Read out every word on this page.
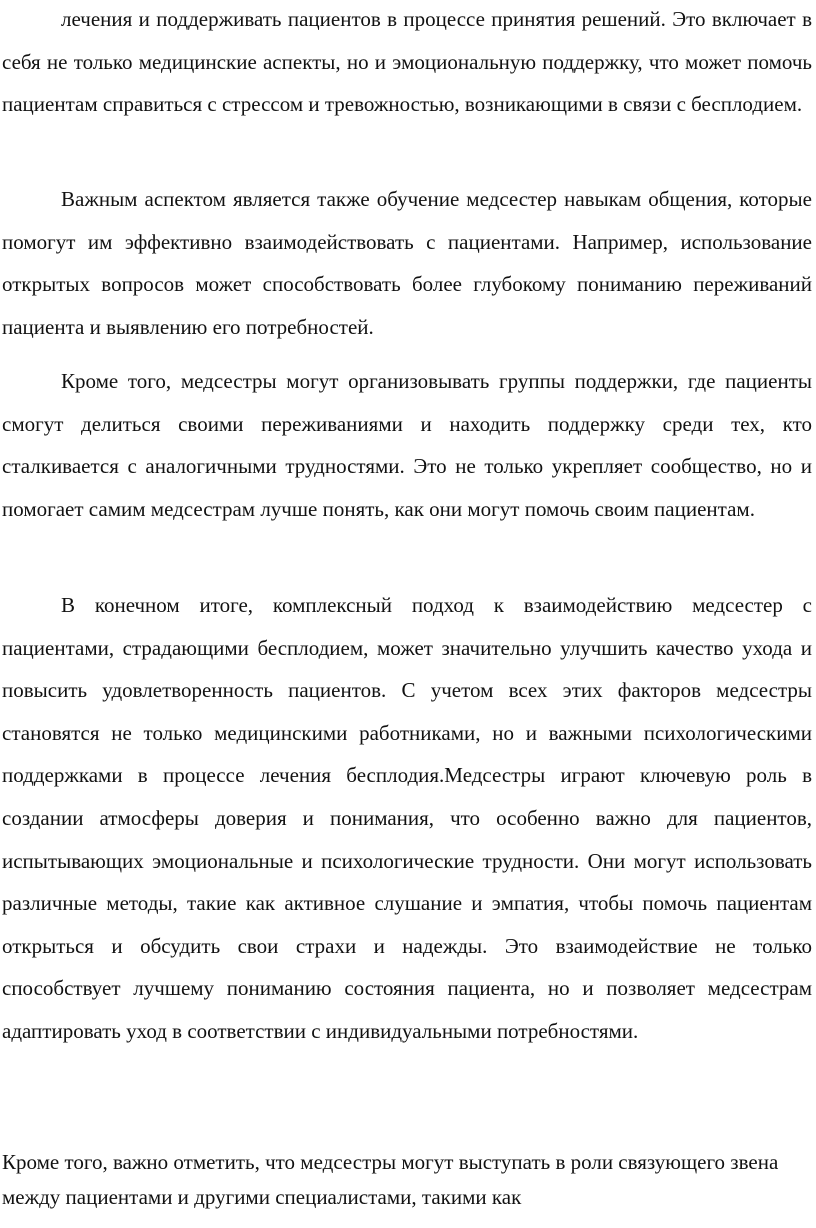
лечения и поддерживать пациентов в процессе принятия решений. Это включает в себя не только медицинские аспекты, но и эмоциональную поддержку, что может помочь пациентам справиться с стрессом и тревожностью, возникающими в связи с бесплодием.

Важным аспектом является также обучение медсестер навыкам общения, которые помогут им эффективно взаимодействовать с пациентами. Например, использование открытых вопросов может способствовать более глубокому пониманию переживаний пациента и выявлению его потребностей.

Кроме того, медсестры могут организовывать группы поддержки, где пациенты смогут делиться своими переживаниями и находить поддержку среди тех, кто сталкивается с аналогичными трудностями. Это не только укрепляет сообщество, но и помогает самим медсестрам лучше понять, как они могут помочь своим пациентам.

В конечном итоге, комплексный подход к взаимодействию медсестер с пациентами, страдающими бесплодием, может значительно улучшить качество ухода и повысить удовлетворенность пациентов. С учетом всех этих факторов медсестры становятся не только медицинскими работниками, но и важными психологическими поддержками в процессе лечения бесплодия.Медсестры играют ключевую роль в создании атмосферы доверия и понимания, что особенно важно для пациентов, испытывающих эмоциональные и психологические трудности. Они могут использовать различные методы, такие как активное слушание и эмпатия, чтобы помочь пациентам открыться и обсудить свои страхи и надежды. Это взаимодействие не только способствует лучшему пониманию состояния пациента, но и позволяет медсестрам адаптировать уход в соответствии с индивидуальными потребностями.

Кроме того, важно отметить, что медсестры могут выступать в роли связующего звена между пациентами и другими специалистами, такими как
